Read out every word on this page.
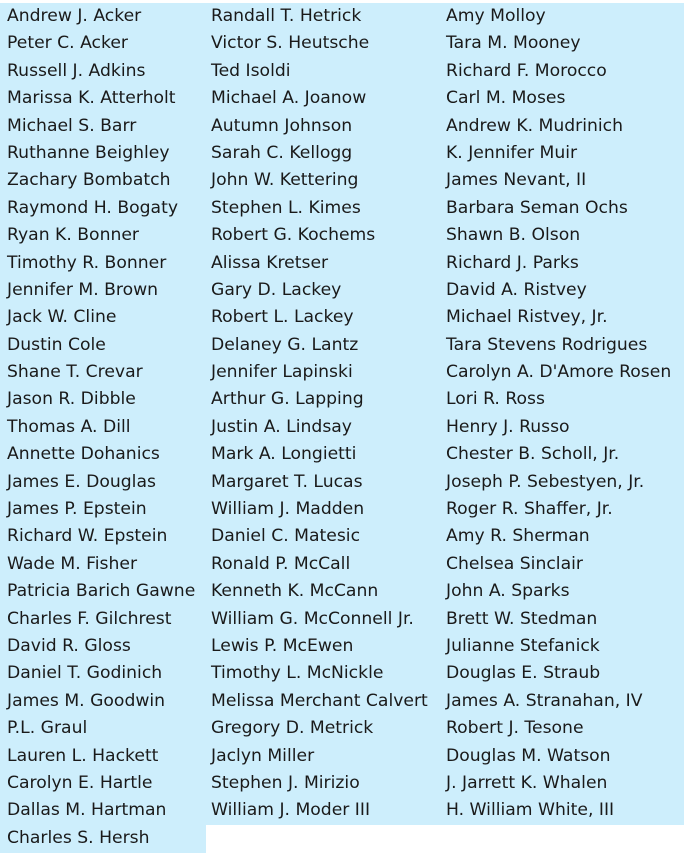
Andrew J. Acker
Peter C. Acker
Russell J. Adkins
Marissa K. Atterholt
Michael S. Barr
Ruthanne Beighley
Zachary Bombatch
Raymond H. Bogaty
Ryan K. Bonner
Timothy R. Bonner
Jennifer M. Brown
Jack W. Cline
Dustin Cole
Shane T. Crevar
Jason R. Dibble
Thomas A. Dill
Annette Dohanics
James E. Douglas
James P. Epstein
Richard W. Epstein
Wade M. Fisher
Patricia Barich Gawne
Charles F. Gilchrest
David R. Gloss
Daniel T. Godinich
James M. Goodwin
P.L. Graul
Lauren L. Hackett
Carolyn E. Hartle
Dallas M. Hartman
Charles S. Hersh
Randall T. Hetrick
Victor S. Heutsche
Ted Isoldi
Michael A. Joanow
Autumn Johnson
Sarah C. Kellogg
John W. Kettering
Stephen L. Kimes
Robert G. Kochems
Alissa Kretser
Gary D. Lackey
Robert L. Lackey
Delaney G. Lantz
Jennifer Lapinski
Arthur G. Lapping
Justin A. Lindsay
Mark A. Longietti
Margaret T. Lucas
William J. Madden
Daniel C. Matesic
Ronald P. McCall
Kenneth K. McCann
William G. McConnell Jr.
Lewis P. McEwen
Timothy L. McNickle
Melissa Merchant Calvert
Gregory D. Metrick
Jaclyn Miller
Stephen J. Mirizio
William J. Moder III
Amy Molloy
Tara M. Mooney
Richard F. Morocco
Carl M. Moses
Andrew K. Mudrinich
K. Jennifer Muir
James Nevant, II
Barbara Seman Ochs
Shawn B. Olson
Richard J. Parks
David A. Ristvey
Michael Ristvey, Jr.
Tara Stevens Rodrigues
Carolyn A. D'Amore Rosen
Lori R. Ross
Henry J. Russo
Chester B. Scholl, Jr.
Joseph P. Sebestyen, Jr.
Roger R. Shaffer, Jr.
Amy R. Sherman
Chelsea Sinclair
John A. Sparks
Brett W. Stedman
Julianne Stefanick
Douglas E. Straub
James A. Stranahan, IV
Robert J. Tesone
Douglas M. Watson
J. Jarrett K. Whalen
H. William White, III
